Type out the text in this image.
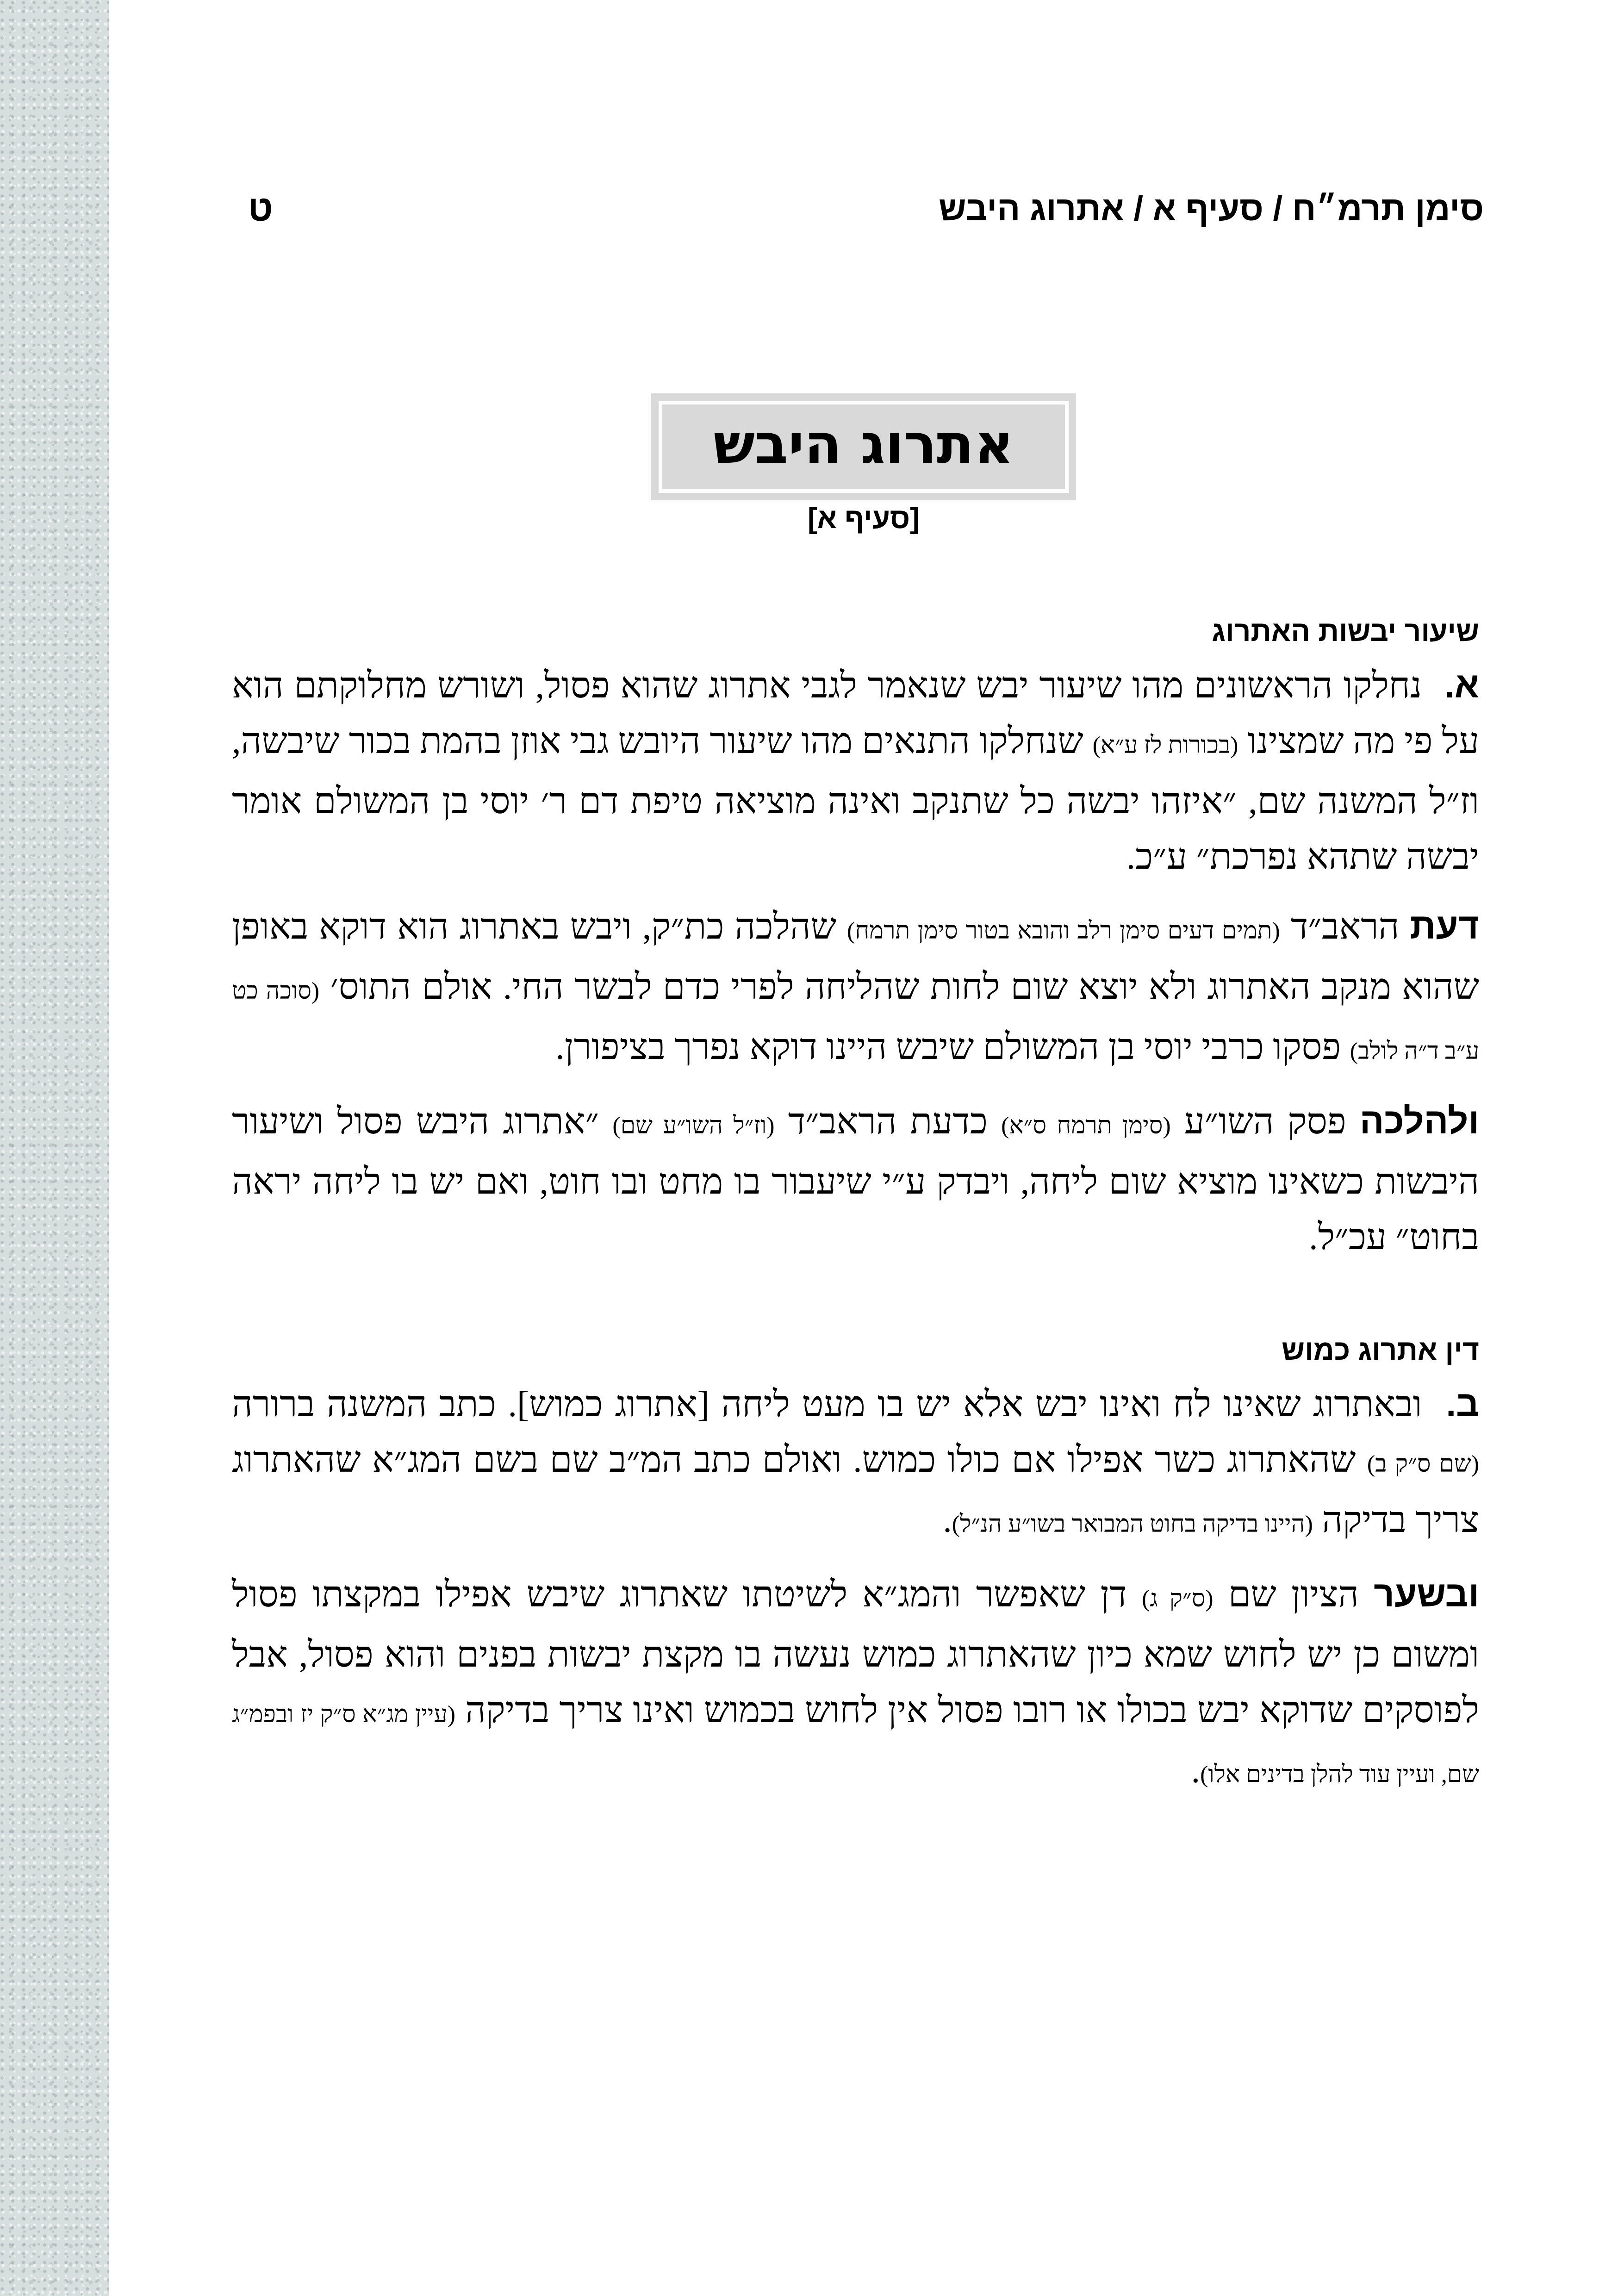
סימן תרמ״ח / סעיף א / אתרוג היבש
ט
אתרוג היבש
[סעיף א]
שיעור יבשות האתרוג

א. נחלקו הראשונים מהו שיעור יבש שנאמר לגבי אתרוג שהוא פסול, ושורש מחלוקתם הוא על פי מה שמצינו (בכורות לז ע״א) שנחלקו התנאים מהו שיעור היובש גבי אוזן בהמת בכור שיבשה, וז״ל המשנה שם, ״איזהו יבשה כל שתנקב ואינה מוציאה טיפת דם ר׳ יוסי בן המשולם אומר יבשה שתהא נפרכת״ ע״כ.

דעת הראב״ד (תמים דעים סימן רלב והובא בטור סימן תרמח) שהלכה כת״ק, ויבש באתרוג הוא דוקא באופן שהוא מנקב האתרוג ולא יוצא שום לחות שהליחה לפרי כדם לבשר החי. אולם התוס׳ (סוכה כט ע״ב ד״ה לולב) פסקו כרבי יוסי בן המשולם שיבש היינו דוקא נפרך בציפורן.

ולהלכה פסק השו״ע (סימן תרמח ס״א) כדעת הראב״ד (וז״ל השו״ע שם) ״אתרוג היבש פסול ושיעור היבשות כשאינו מוציא שום ליחה, ויבדק ע״י שיעבור בו מחט ובו חוט, ואם יש בו ליחה יראה בחוט״ עכ״ל.

דין אתרוג כמוש

ב. ובאתרוג שאינו לח ואינו יבש אלא יש בו מעט ליחה [אתרוג כמוש]. כתב המשנה ברורה (שם ס״ק ב) שהאתרוג כשר אפילו אם כולו כמוש. ואולם כתב המ״ב שם בשם המג״א שהאתרוג צריך בדיקה (היינו בדיקה בחוט המבואר בשו״ע הנ״ל).

ובשער הציון שם (ס״ק ג) דן שאפשר והמג״א לשיטתו שאתרוג שיבש אפילו במקצתו פסול ומשום כן יש לחוש שמא כיון שהאתרוג כמוש נעשה בו מקצת יבשות בפנים והוא פסול, אבל לפוסקים שדוקא יבש בכולו או רובו פסול אין לחוש בכמוש ואינו צריך בדיקה (עיין מג״א ס״ק יז ובפמ״ג שם, ועיין עוד להלן בדינים אלו).
